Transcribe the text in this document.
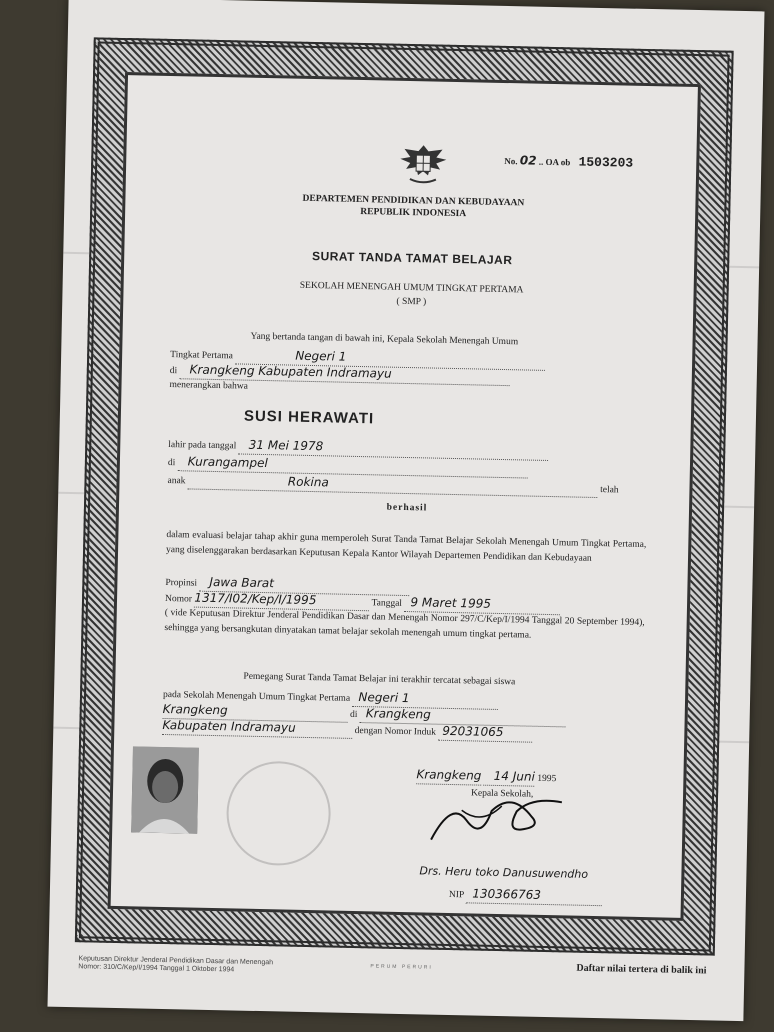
No. 02 .. OA ob 1503203
DEPARTEMEN PENDIDIKAN DAN KEBUDAYAAN
REPUBLIK INDONESIA
SURAT TANDA TAMAT BELAJAR
SEKOLAH MENENGAH UMUM TINGKAT PERTAMA
( SMP )
Yang bertanda tangan di bawah ini, Kepala Sekolah Menengah Umum
Tingkat Pertama	Negeri 1
di Krangkeng Kabupaten Indramayu
menerangkan bahwa
SUSI HERAWATI
lahir pada tanggal 31 Mei 1978
di Kurangampel
anak	Rokina telah
berhasil
dalam evaluasi belajar tahap akhir guna memperoleh Surat Tanda Tamat Belajar Sekolah Menengah Umum Tingkat Pertama, yang diselenggarakan berdasarkan Keputusan Kepala Kantor Wilayah Departemen Pendidikan dan Kebudayaan
Propinsi Jawa Barat
Nomor 1317/I02/Kep/I/1995	Tanggal 9 Maret 1995
( vide Keputusan Direktur Jenderal Pendidikan Dasar dan Menengah Nomor 297/C/Kep/I/1994 Tanggal 20 September 1994), sehingga yang bersangkutan dinyatakan tamat belajar sekolah menengah umum tingkat pertama.
Pemegang Surat Tanda Tamat Belajar ini terakhir tercatat sebagai siswa
pada Sekolah Menengah Umum Tingkat Pertama Negeri 1
Krangkeng	di Krangkeng
Kabupaten Indramayu	dengan Nomor Induk 92031065
Krangkeng 14 Juni 1995
Kepala Sekolah,
Drs. Heru toko Danusuwendho
NIP 130366763
Keputusan Direktur Jenderal Pendidikan Dasar dan Menengah
Nomor: 310/C/Kep/I/1994 Tanggal 1 Oktober 1994	PERUM PERURI	Daftar nilai tertera di balik ini
